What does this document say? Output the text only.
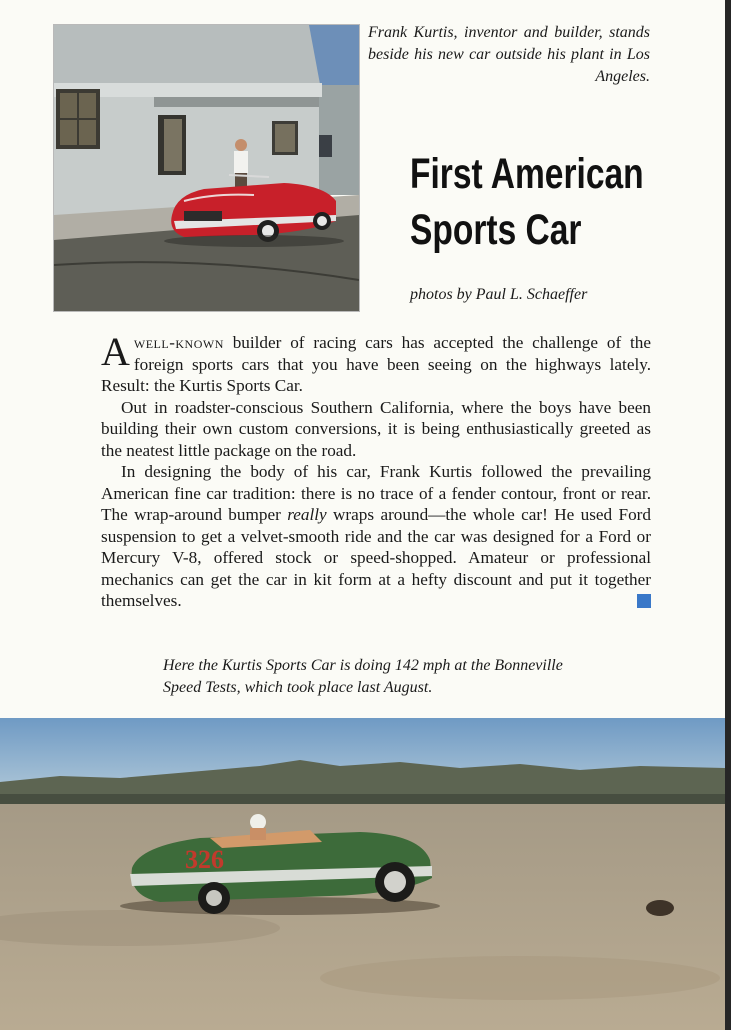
Frank Kurtis, inventor and builder, stands beside his new car outside his plant in Los Angeles.

First American
Sports Car

photos by Paul L. Schaeffer

Awell-known builder of racing cars has accepted the challenge of the foreign sports cars that you have been seeing on the highways lately. Result: the Kurtis Sports Car.

Out in roadster-conscious Southern California, where the boys have been building their own custom conversions, it is being enthusiastically greeted as the neatest little package on the road.

In designing the body of his car, Frank Kurtis followed the prevailing American fine car tradition: there is no trace of a fender contour, front or rear. The wrap-around bumper really wraps around—the whole car! He used Ford suspension to get a velvet-smooth ride and the car was designed for a Ford or Mercury V-8, offered stock or speed-shopped. Amateur or professional mechanics can get the car in kit form at a hefty discount and put it together themselves.

Here the Kurtis Sports Car is doing 142 mph at the Bonneville Speed Tests, which took place last August.

326
